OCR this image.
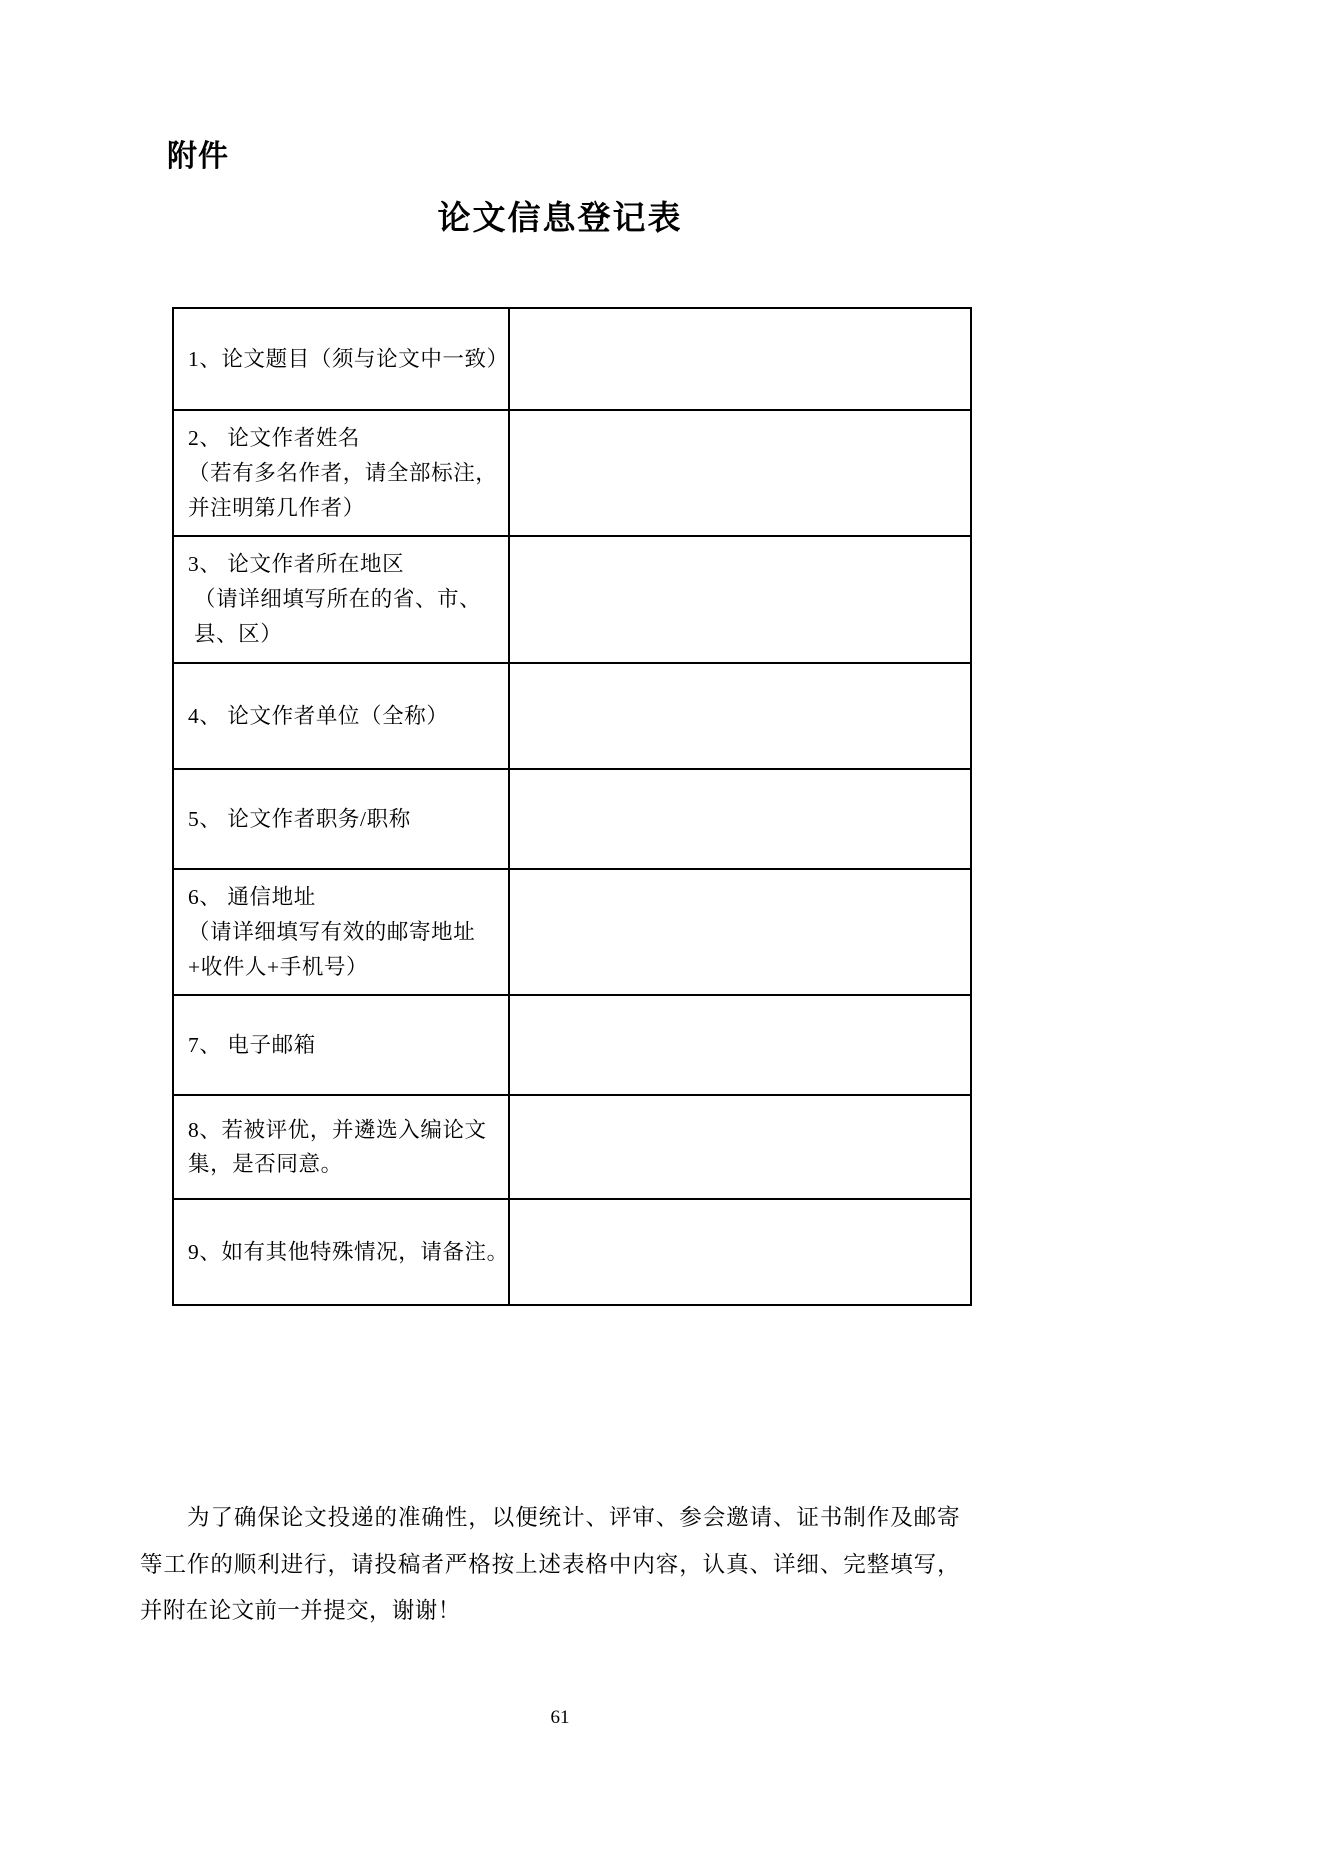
附件
论文信息登记表
1、论文题目（须与论文中一致）	

2、 论文作者姓名
（若有多名作者，请全部标注，
并注明第几作者）	

3、 论文作者所在地区
（请详细填写所在的省、市、
县、区）	

4、 论文作者单位（全称）	

5、 论文作者职务/职称	

6、 通信地址
（请详细填写有效的邮寄地址
+收件人+手机号）	

7、 电子邮箱	

8、若被评优，并遴选入编论文
集，是否同意。	

9、如有其他特殊情况，请备注。	

为了确保论文投递的准确性，以便统计、评审、参会邀请、证书制作及邮寄等工作的顺利进行，请投稿者严格按上述表格中内容，认真、详细、完整填写，并附在论文前一并提交，谢谢！
61
